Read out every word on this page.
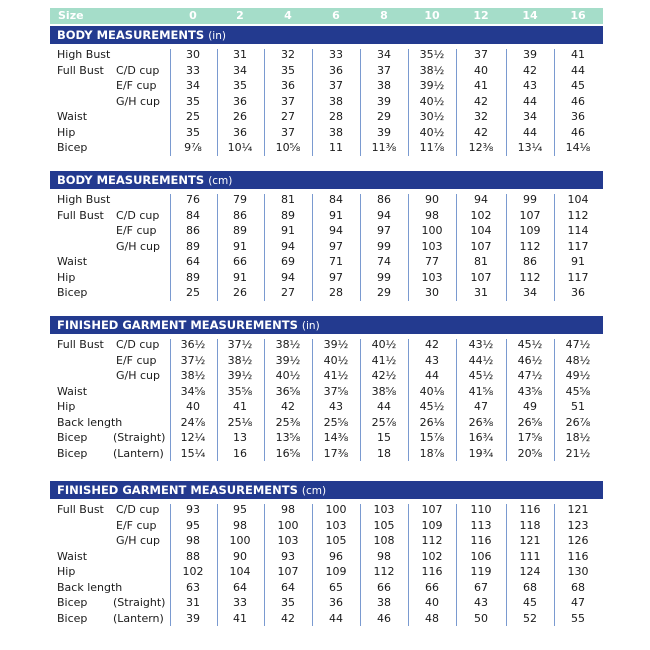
Size	0	2	4	6	8	10	12	14	16
BODY MEASUREMENTS (in)
High Bust	30	31	32	33	34	35½	37	39	41
Full Bust C/D cup	33	34	35	36	37	38½	40	42	44
E/F cup	34	35	36	37	38	39½	41	43	45
G/H cup	35	36	37	38	39	40½	42	44	46
Waist	25	26	27	28	29	30½	32	34	36
Hip	35	36	37	38	39	40½	42	44	46
Bicep	9⅞	10¼	10⅝	11	11⅜	11⅞	12⅜	13¼	14⅛
BODY MEASUREMENTS (cm)
High Bust	76	79	81	84	86	90	94	99	104
Full Bust C/D cup	84	86	89	91	94	98	102	107	112
E/F cup	86	89	91	94	97	100	104	109	114
G/H cup	89	91	94	97	99	103	107	112	117
Waist	64	66	69	71	74	77	81	86	91
Hip	89	91	94	97	99	103	107	112	117
Bicep	25	26	27	28	29	30	31	34	36
FINISHED GARMENT MEASUREMENTS (in)
Full Bust C/D cup	36½	37½	38½	39½	40½	42	43½	45½	47½
E/F cup	37½	38½	39½	40½	41½	43	44½	46½	48½
G/H cup	38½	39½	40½	41½	42½	44	45½	47½	49½
Waist	34⅝	35⅝	36⅝	37⅝	38⅝	40⅛	41⅝	43⅝	45⅝
Hip	40	41	42	43	44	45½	47	49	51
Back length	24⅞	25⅛	25⅜	25⅝	25⅞	26⅛	26⅜	26⅝	26⅞
Bicep (Straight)	12¼	13	13⅝	14⅜	15	15⅞	16¾	17⅝	18½
Bicep (Lantern)	15¼	16	16⅝	17⅜	18	18⅞	19¾	20⅝	21½
FINISHED GARMENT MEASUREMENTS (cm)
Full Bust C/D cup	93	95	98	100	103	107	110	116	121
E/F cup	95	98	100	103	105	109	113	118	123
G/H cup	98	100	103	105	108	112	116	121	126
Waist	88	90	93	96	98	102	106	111	116
Hip	102	104	107	109	112	116	119	124	130
Back length	63	64	64	65	66	66	67	68	68
Bicep (Straight)	31	33	35	36	38	40	43	45	47
Bicep (Lantern)	39	41	42	44	46	48	50	52	55
